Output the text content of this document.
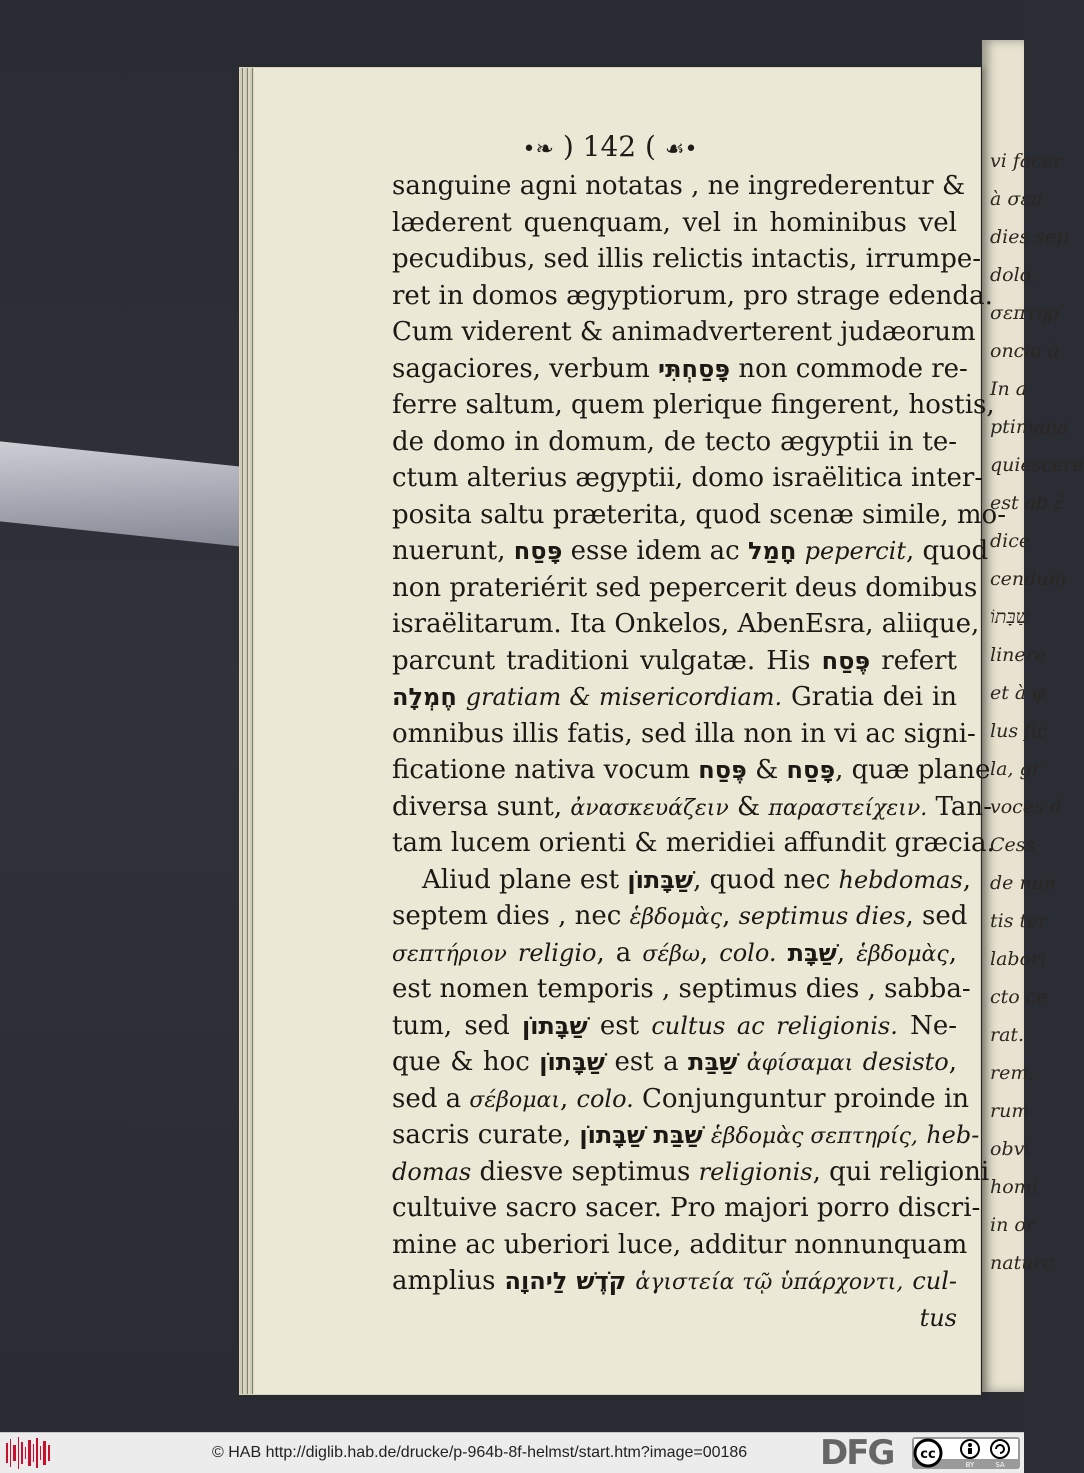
vi facer
à σεπ
dies sep
dolo.
σεπτηρ
oncio à
In a
ptimana
quiescere
est ab ε̉
dice
cendum
שַׁבָּתוֹ
linere
et à φ
lus fic
la, gr
voces d
Cess
de nun
tis ter
labori
cto ce
rat.
rem,
rum
obvi
homi
in or
naturc
•❧ ) 142 ( ☙•
sanguine agni notatas , ne ingrederentur &
læderent quenquam, vel in hominibus vel
pecudibus, sed illis relictis intactis, irrumpe-
ret in domos ægyptiorum, pro strage edenda.
Cum viderent & animadverterent judæorum
sagaciores, verbum פָּסַחְתִּי non commode re-
ferre saltum, quem plerique fingerent, hostis,
de domo in domum, de tecto ægyptii in te-
ctum alterius ægyptii, domo israëlitica inter-
posita saltu præterita, quod scenæ simile, mo-
nuerunt, פָּסַח esse idem ac חָמַל pepercit, quod
non prateriérit sed pepercerit deus domibus
israëlitarum. Ita Onkelos, AbenEsra, aliique,
parcunt traditioni vulgatæ. His פֶּסַח refert
חֶמְלָה gratiam & misericordiam. Gratia dei in
omnibus illis fatis, sed illa non in vi ac signi-
ficatione nativa vocum פֶּסַח & פָּסַח, quæ plane
diversa sunt, ἀνασκευάζειν & παραστείχειν. Tan-
tam lucem orienti & meridiei affundit græcia.
Aliud plane est שַׁבָּתוֹן, quod nec hebdomas,
septem dies , nec ἑβδομὰς, septimus dies, sed
σεπτήριον religio, a σέβω, colo. שַׁבָּת, ἑβδομὰς,
est nomen temporis , septimus dies , sabba-
tum, sed שַׁבָּתוֹן est cultus ac religionis. Ne-
que & hoc שַׁבָּתוֹן est a שַׁבַּת ἀφίσαμαι desisto,
sed a σέβομαι, colo. Conjunguntur proinde in
sacris curate, שַׁבַּת שַׁבָּתוֹן ἑβδομὰς σεπτηρίς, heb-
domas diesve septimus religionis, qui religioni
cultuive sacro sacer. Pro majori porro discri-
mine ac uberiori luce, additur nonnunquam
amplius קֹדֶשׁ לַיהוָה ἁγιστεία τῷ ὑπάρχοντι, cul-
tus
© HAB http://diglib.hab.de/drucke/p-964b-8f-helmst/start.htm?image=00186 DFG cc
BY	SA
